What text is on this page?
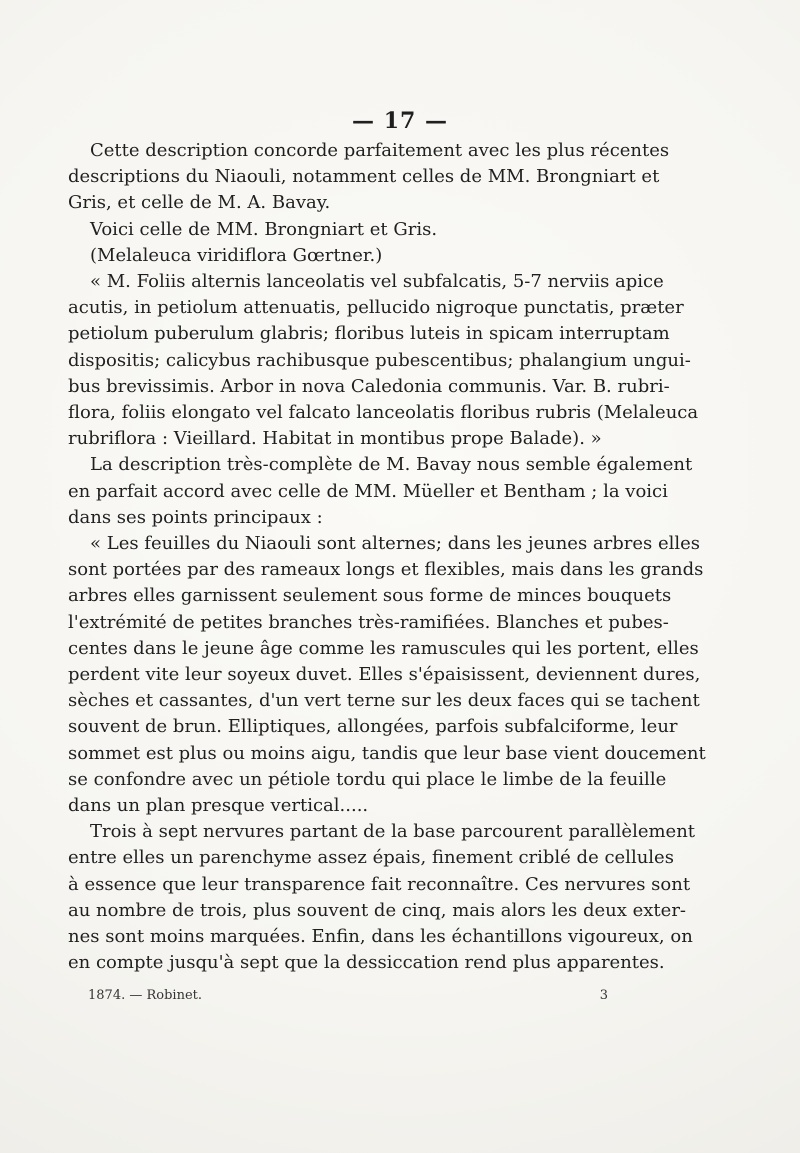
— 17 —
Cette description concorde parfaitement avec les plus récentes
descriptions du Niaouli, notamment celles de MM. Brongniart et
Gris, et celle de M. A. Bavay.
Voici celle de MM. Brongniart et Gris.
(Melaleuca viridiflora Gœrtner.)
« M. Foliis alternis lanceolatis vel subfalcatis, 5-7 nerviis apice
acutis, in petiolum attenuatis, pellucido nigroque punctatis, præter
petiolum puberulum glabris; floribus luteis in spicam interruptam
dispositis; calicybus rachibusque pubescentibus; phalangium ungui-
bus brevissimis. Arbor in nova Caledonia communis. Var. B. rubri-
flora, foliis elongato vel falcato lanceolatis floribus rubris (Melaleuca
rubriflora : Vieillard. Habitat in montibus prope Balade). »
La description très-complète de M. Bavay nous semble également
en parfait accord avec celle de MM. Müeller et Bentham ; la voici
dans ses points principaux :
« Les feuilles du Niaouli sont alternes; dans les jeunes arbres elles
sont portées par des rameaux longs et flexibles, mais dans les grands
arbres elles garnissent seulement sous forme de minces bouquets
l'extrémité de petites branches très-ramifiées. Blanches et pubes-
centes dans le jeune âge comme les ramuscules qui les portent, elles
perdent vite leur soyeux duvet. Elles s'épaisissent, deviennent dures,
sèches et cassantes, d'un vert terne sur les deux faces qui se tachent
souvent de brun. Elliptiques, allongées, parfois subfalciforme, leur
sommet est plus ou moins aigu, tandis que leur base vient doucement
se confondre avec un pétiole tordu qui place le limbe de la feuille
dans un plan presque vertical.....
Trois à sept nervures partant de la base parcourent parallèlement
entre elles un parenchyme assez épais, finement criblé de cellules
à essence que leur transparence fait reconnaître. Ces nervures sont
au nombre de trois, plus souvent de cinq, mais alors les deux exter-
nes sont moins marquées. Enfin, dans les échantillons vigoureux, on
en compte jusqu'à sept que la dessiccation rend plus apparentes.
1874. — Robinet.	3
